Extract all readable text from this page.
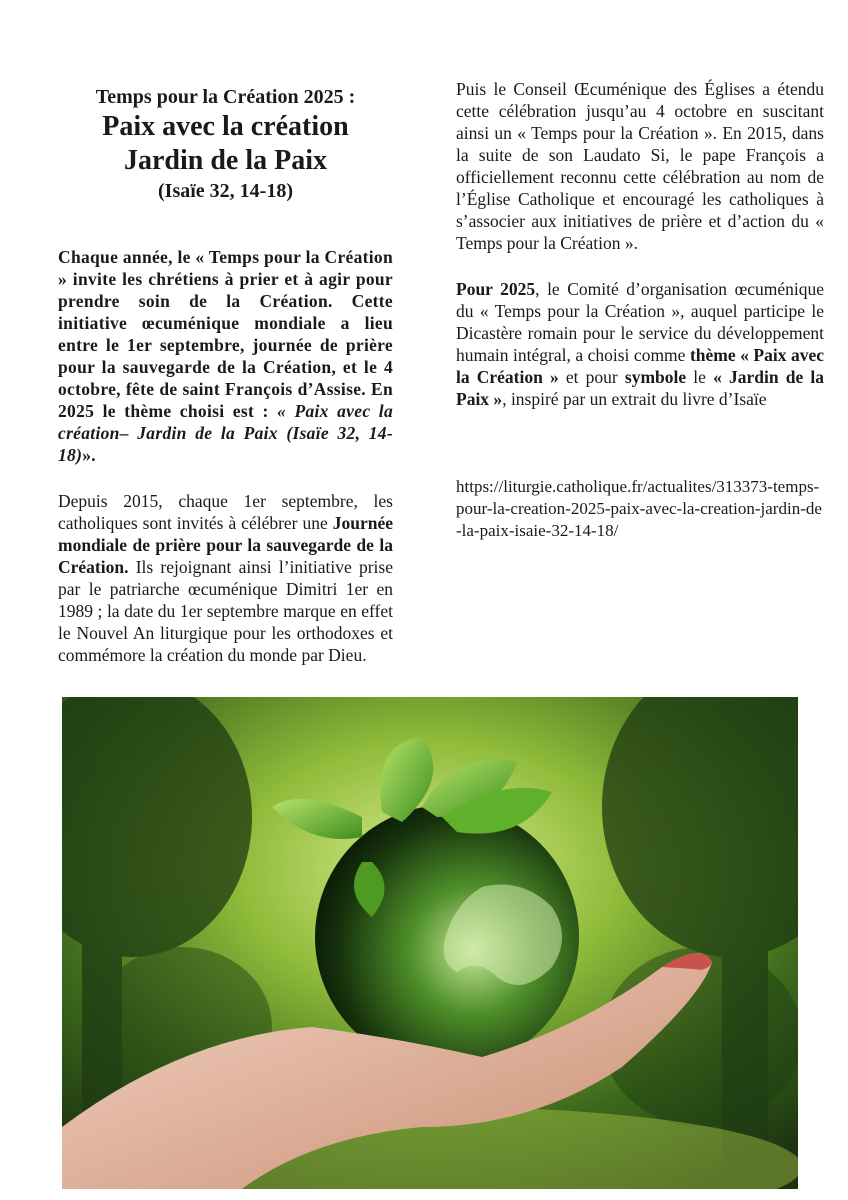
Temps pour la Création 2025 :
Paix avec la création
Jardin de la Paix
(Isaïe 32, 14-18)

Chaque année, le « Temps pour la Création » invite les chrétiens à prier et à agir pour prendre soin de la Création. Cette initiative œcuménique mondiale a lieu entre le 1er septembre, journée de prière pour la sauvegarde de la Création, et le 4 octobre, fête de saint François d’Assise. En 2025 le thème choisi est : « Paix avec la création– Jardin de la Paix (Isaïe 32, 14-18)».

Depuis 2015, chaque 1er septembre, les catholiques sont invités à célébrer une Journée mondiale de prière pour la sauvegarde de la Création. Ils rejoignant ainsi l’initiative prise par le patriarche œcuménique Dimitri 1er en 1989 ; la date du 1er septembre marque en effet le Nouvel An liturgique pour les orthodoxes et commémore la création du monde par Dieu.

Puis le Conseil Œcuménique des Églises a étendu cette célébration jusqu’au 4 octobre en suscitant ainsi un « Temps pour la Création ». En 2015, dans la suite de son Laudato Si, le pape François a officiellement reconnu cette célébration au nom de l’Église Catholique et encouragé les catholiques à s’associer aux initiatives de prière et d’action du « Temps pour la Création ».

Pour 2025, le Comité d’organisation œcuménique du « Temps pour la Création », auquel participe le Dicastère romain pour le service du développement humain intégral, a choisi comme thème « Paix avec la Création » et pour symbole le « Jardin de la Paix », inspiré par un extrait du livre d’Isaïe

https://liturgie.catholique.fr/actualites/313373-temps-pour-la-creation-2025-paix-avec-la-creation-jardin-de-la-paix-isaie-32-14-18/
